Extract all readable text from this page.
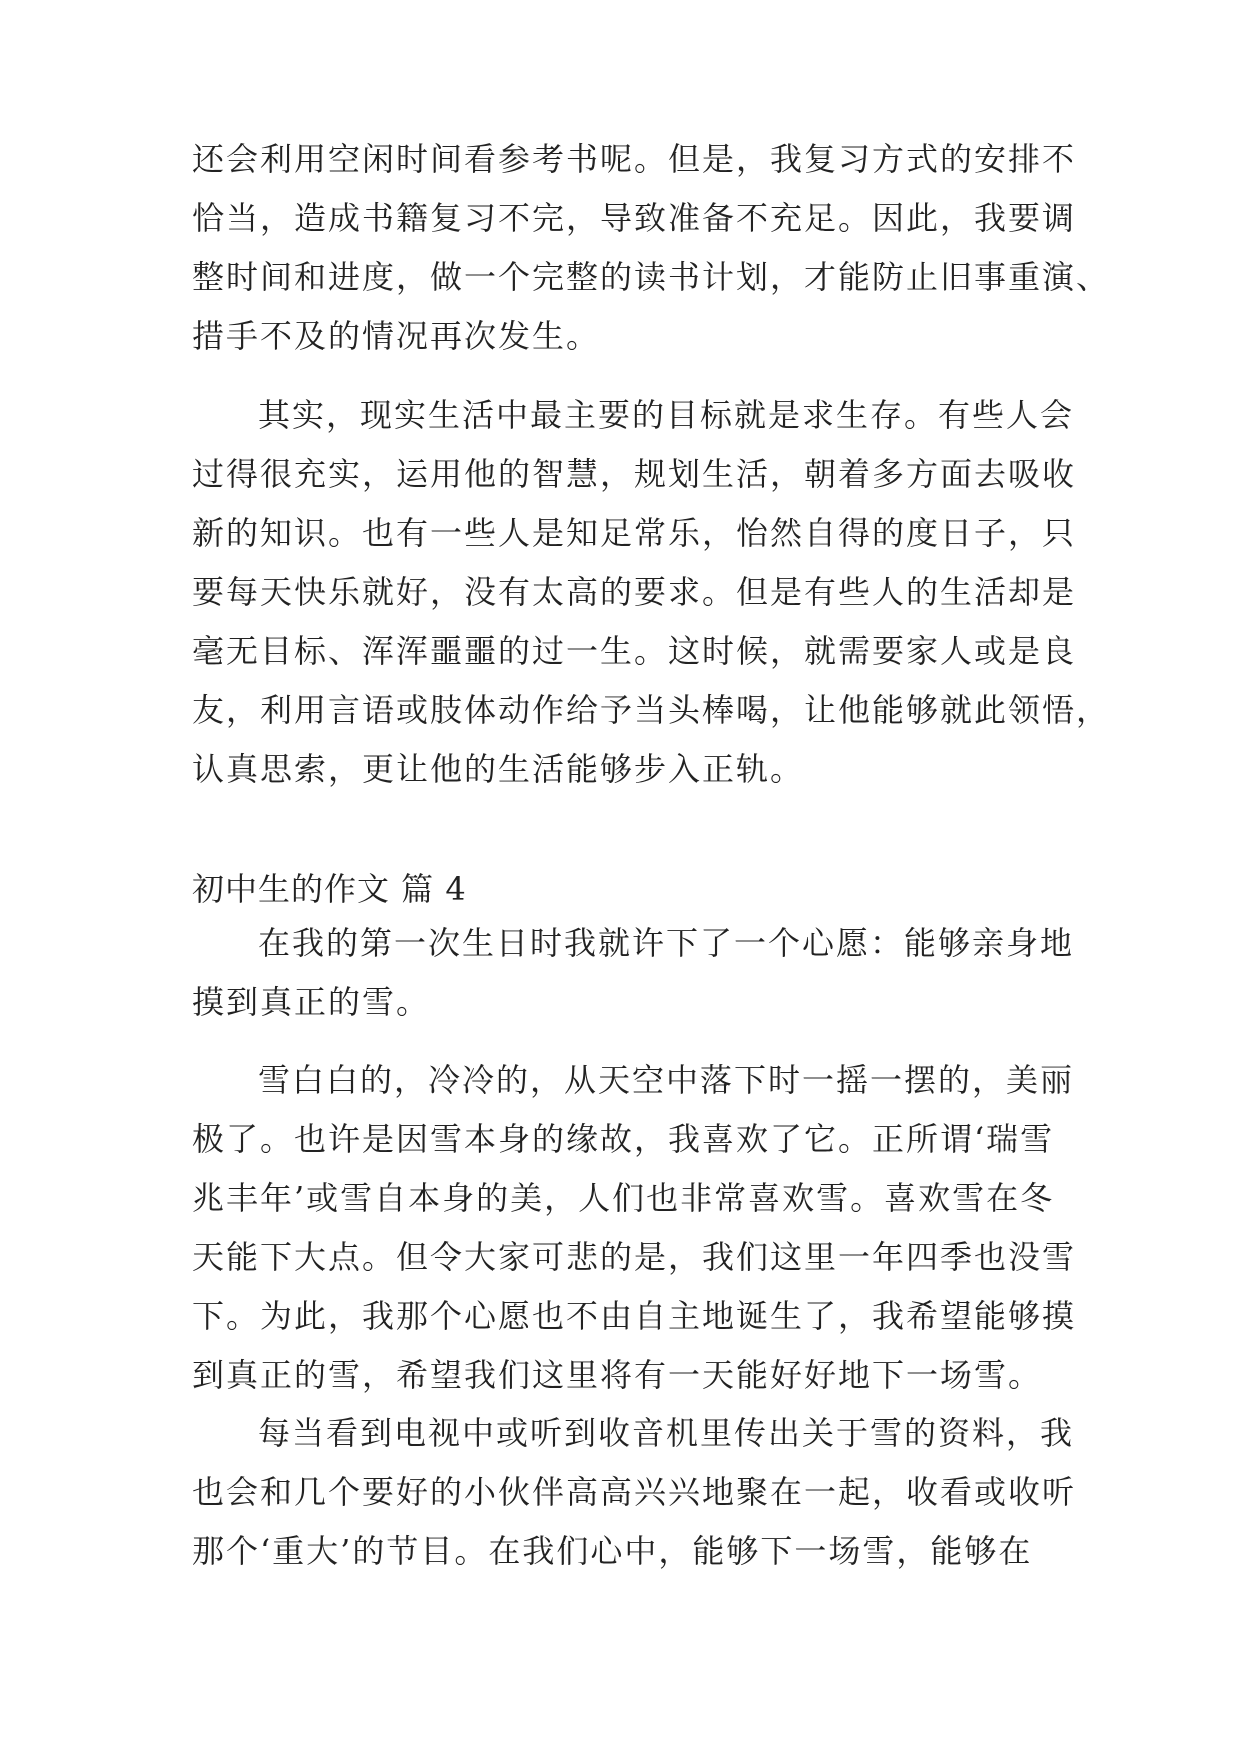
还会利用空闲时间看参考书呢。但是，我复习方式的安排不
恰当，造成书籍复习不完，导致准备不充足。因此，我要调
整时间和进度，做一个完整的读书计划，才能防止旧事重演、
措手不及的情况再次发生。
其实，现实生活中最主要的目标就是求生存。有些人会
过得很充实，运用他的智慧，规划生活，朝着多方面去吸收
新的知识。也有一些人是知足常乐，怡然自得的度日子，只
要每天快乐就好，没有太高的要求。但是有些人的生活却是
毫无目标、浑浑噩噩的过一生。这时候，就需要家人或是良
友，利用言语或肢体动作给予当头棒喝，让他能够就此领悟，
认真思索，更让他的生活能够步入正轨。
初中生的作文 篇 4
在我的第一次生日时我就许下了一个心愿：能够亲身地
摸到真正的雪。
雪白白的，冷冷的，从天空中落下时一摇一摆的，美丽
极了。也许是因雪本身的缘故，我喜欢了它。正所谓‘瑞雪
兆丰年’或雪自本身的美，人们也非常喜欢雪。喜欢雪在冬
天能下大点。但令大家可悲的是，我们这里一年四季也没雪
下。为此，我那个心愿也不由自主地诞生了，我希望能够摸
到真正的雪，希望我们这里将有一天能好好地下一场雪。
每当看到电视中或听到收音机里传出关于雪的资料，我
也会和几个要好的小伙伴高高兴兴地聚在一起，收看或收听
那个‘重大’的节目。在我们心中，能够下一场雪，能够在
